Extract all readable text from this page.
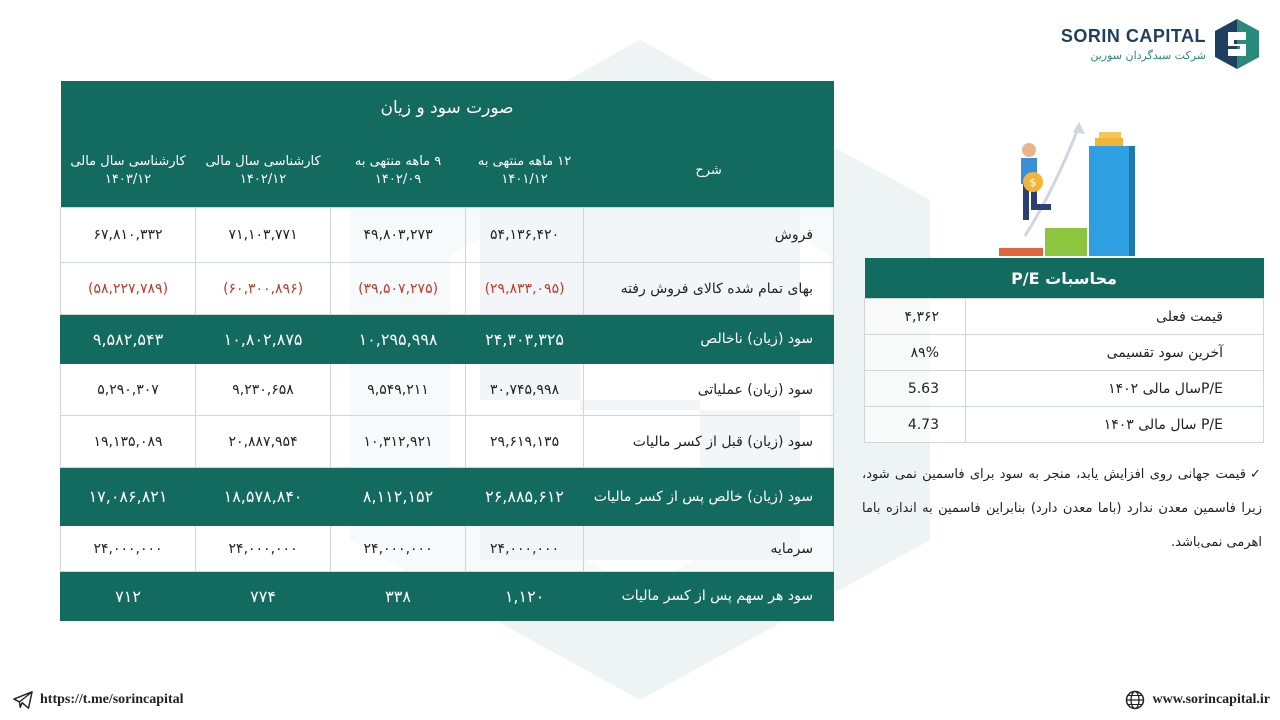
SORIN CAPITAL
شرکت سبدگردان سورین
صورت سود و زیان				
شرح	۱۲ ماهه منتهی به ۱۴۰۱/۱۲	۹ ماهه منتهی به ۱۴۰۲/۰۹	کارشناسی سال مالی ۱۴۰۲/۱۲	کارشناسی سال مالی ۱۴۰۳/۱۲
فروش	۵۴,۱۳۶,۴۲۰	۴۹,۸۰۳,۲۷۳	۷۱,۱۰۳,۷۷۱	۶۷,۸۱۰,۳۳۲
بهای تمام شده کالای فروش رفته	(۲۹,۸۳۳,۰۹۵)	(۳۹,۵۰۷,۲۷۵)	(۶۰,۳۰۰,۸۹۶)	(۵۸,۲۲۷,۷۸۹)
سود (زیان) ناخالص	۲۴,۳۰۳,۳۲۵	۱۰,۲۹۵,۹۹۸	۱۰,۸۰۲,۸۷۵	۹,۵۸۲,۵۴۳
سود (زیان) عملیاتی	۳۰,۷۴۵,۹۹۸	۹,۵۴۹,۲۱۱	۹,۲۳۰,۶۵۸	۵,۲۹۰,۳۰۷
سود (زیان) قبل از کسر مالیات	۲۹,۶۱۹,۱۳۵	۱۰,۳۱۲,۹۲۱	۲۰,۸۸۷,۹۵۴	۱۹,۱۳۵,۰۸۹
سود (زیان) خالص پس از کسر مالیات	۲۶,۸۸۵,۶۱۲	۸,۱۱۲,۱۵۲	۱۸,۵۷۸,۸۴۰	۱۷,۰۸۶,۸۲۱
سرمایه	۲۴,۰۰۰,۰۰۰	۲۴,۰۰۰,۰۰۰	۲۴,۰۰۰,۰۰۰	۲۴,۰۰۰,۰۰۰
سود هر سهم پس از کسر مالیات	۱,۱۲۰	۳۳۸	۷۷۴	۷۱۲
$
محاسبات P/E	
قیمت فعلی	۴,۳۶۲
آخرین سود تقسیمی	۸۹%
P/Eسال مالی ۱۴۰۲	5.63
P/E سال مالی ۱۴۰۳	4.73
✓قیمت جهانی روی افزایش یابد، منجر به سود برای فاسمین نمی شود، زیرا فاسمین معدن ندارد (باما معدن دارد) بنابراین فاسمین به اندازه باما اهرمی نمی‌باشد.
https://t.me/sorincapital	www.sorincapital.ir
